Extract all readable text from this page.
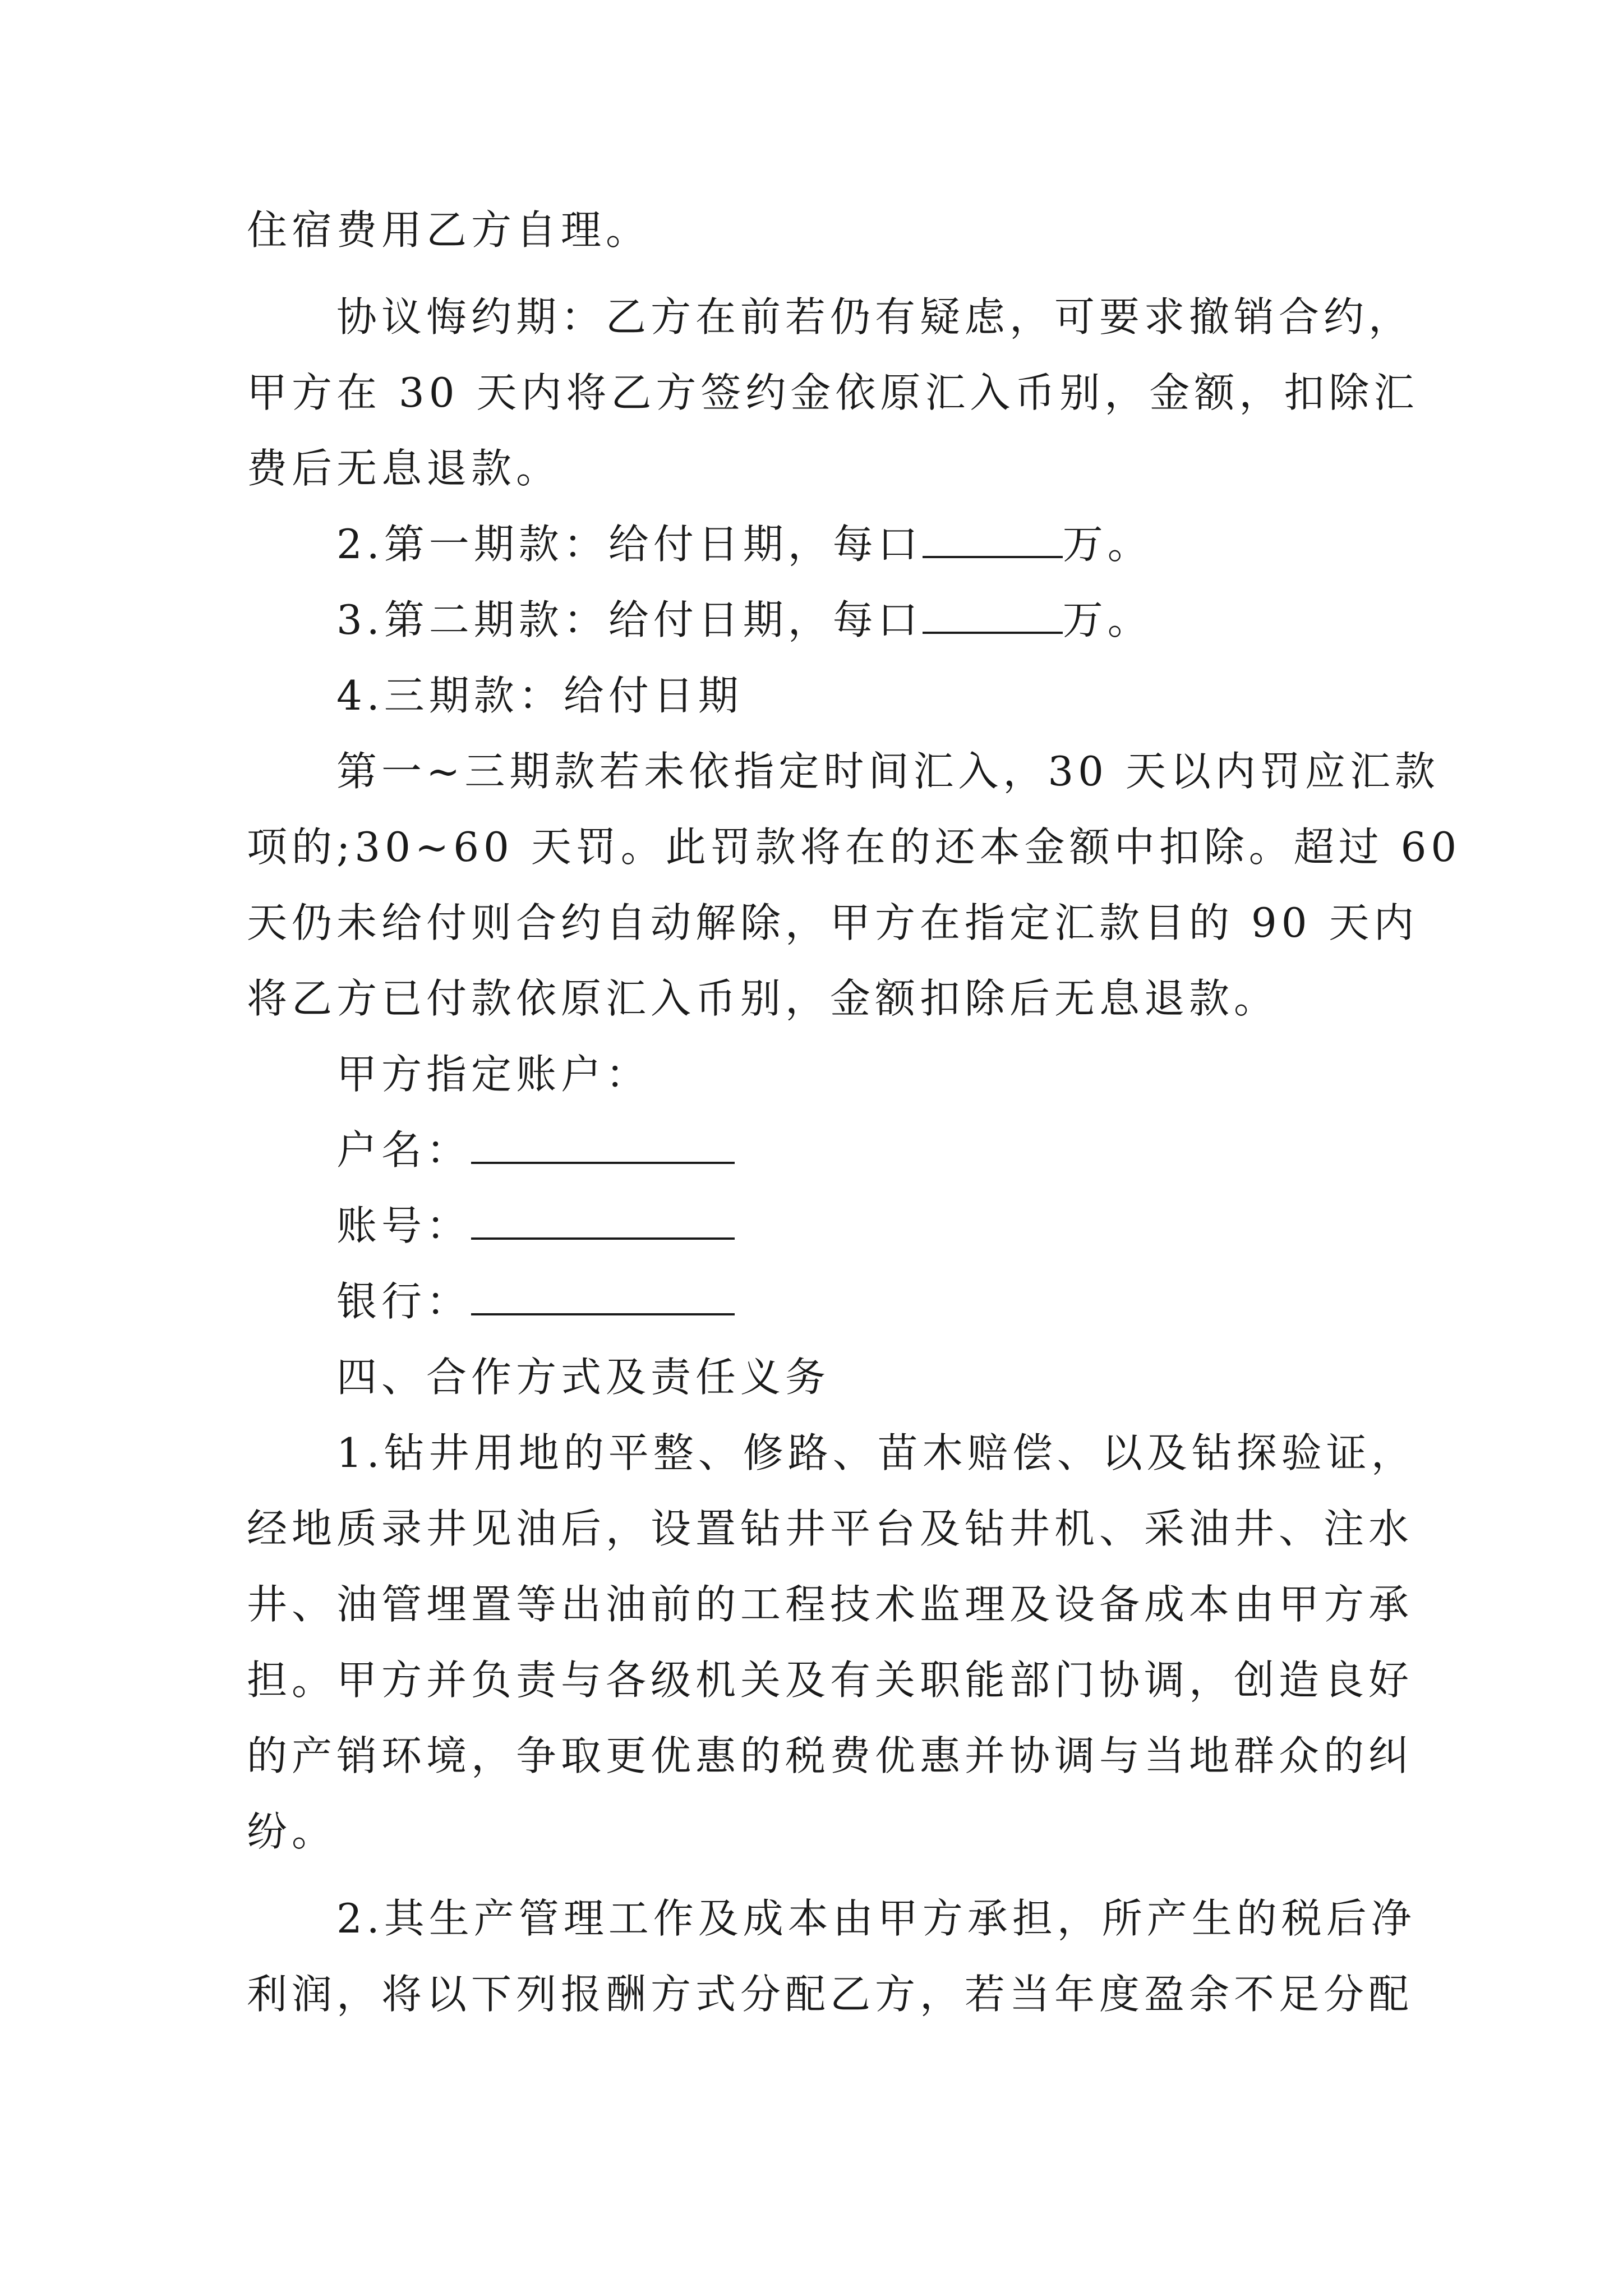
住宿费用乙方自理。
协议悔约期：乙方在前若仍有疑虑，可要求撤销合约，
甲方在 30 天内将乙方签约金依原汇入币别，金额，扣除汇
费后无息退款。
2.第一期款：给付日期，每口	万。
3.第二期款：给付日期，每口	万。
4.三期款：给付日期
第一~三期款若未依指定时间汇入，30 天以内罚应汇款
项的;30~60 天罚。此罚款将在的还本金额中扣除。超过 60
天仍未给付则合约自动解除，甲方在指定汇款目的 90 天内
将乙方已付款依原汇入币别，金额扣除后无息退款。
甲方指定账户：
户名：
账号：
银行：
四、合作方式及责任义务
1.钻井用地的平整、修路、苗木赔偿、以及钻探验证，
经地质录井见油后，设置钻井平台及钻井机、采油井、注水
井、油管埋置等出油前的工程技术监理及设备成本由甲方承
担。甲方并负责与各级机关及有关职能部门协调，创造良好
的产销环境，争取更优惠的税费优惠并协调与当地群众的纠
纷。
2.其生产管理工作及成本由甲方承担，所产生的税后净
利润，将以下列报酬方式分配乙方，若当年度盈余不足分配
